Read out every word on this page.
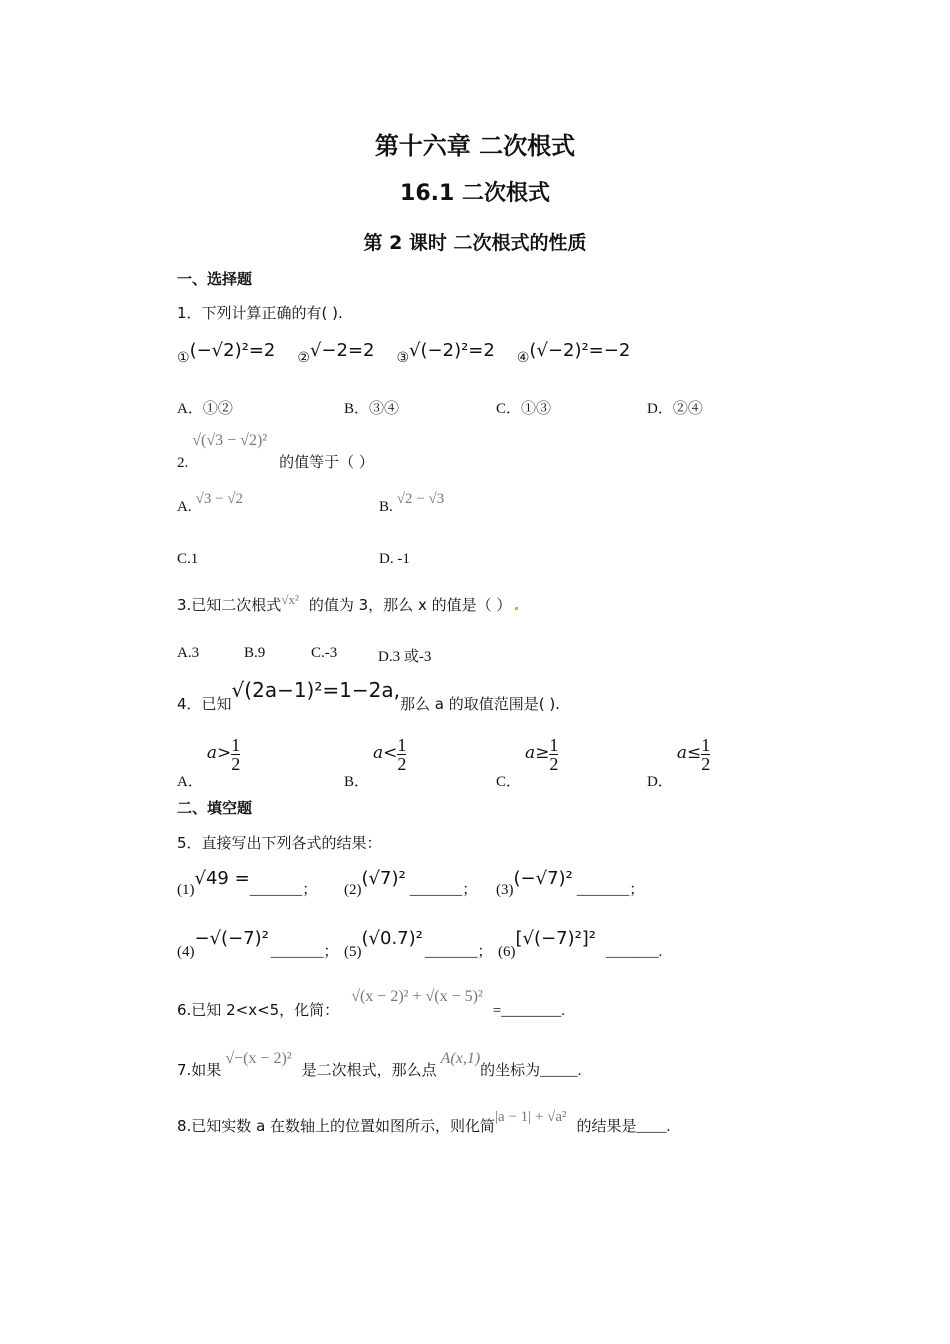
第十六章 二次根式
16.1 二次根式
第 2 课时 二次根式的性质
一、选择题
1．下列计算正确的有( ).
①(−√2)²=2 ②√−2=2 ③√(−2)²=2 ④(√−2)²=−2
A．①②	B．③④	C．①③	D．②④
2. √(√3 − √2)² 的值等于（ ）
A. √3 − √2	B. √2 − √3
C.1	D. -1
3.已知二次根式$^{√x^2}$ 的值为 3，那么 x 的值是（ ）
A.3	B.9	C.-3	D.3 或-3
4．已知√(2a−1)²=1−2a,那么 a 的取值范围是( ).
A． $a> \frac{1}{2}$
B． $a< \frac{1}{2}$
C． $a\ge \frac{1}{2}$
D． $a\le \frac{1}{2}$
二、填空题
5．直接写出下列各式的结果：
(1)√49 =_______； (2)(√7)²_______； (3)(−√7)²_______；
(4)−√(−7)²_______； (5)(√0.7)²_______； (6)[√(−7)²]²_______.
6.已知 2<x<5，化简： √(x − 2)² + √(x − 5)² =________.
7.如果 √−(x − 2)² 是二次根式，那么点 A(x,1)的坐标为_____.
8.已知实数 a 在数轴上的位置如图所示，则化简|a − 1| + √a² 的结果是____.
